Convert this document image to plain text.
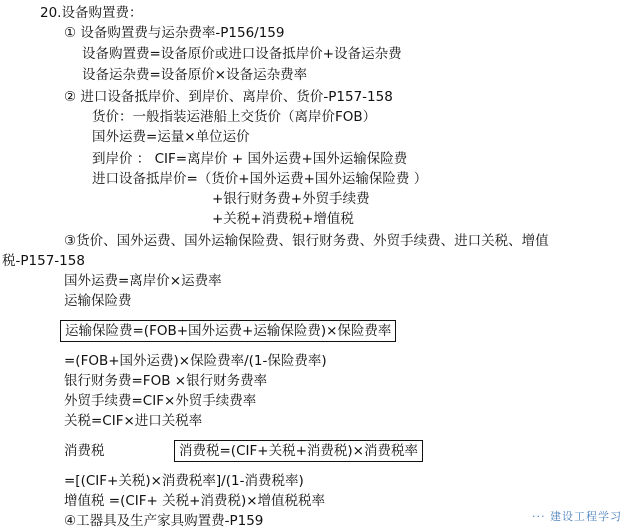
20.设备购置费：
① 设备购置费与运杂费率-P156/159
设备购置费=设备原价或进口设备抵岸价+设备运杂费
设备运杂费=设备原价×设备运杂费率
② 进口设备抵岸价、到岸价、离岸价、货价-P157-158
货价：一般指装运港船上交货价（离岸价FOB）
国外运费=运量×单位运价
到岸价 ： CIF=离岸价 + 国外运费+国外运输保险费
进口设备抵岸价=（货价+国外运费+国外运输保险费 ）
+银行财务费+外贸手续费
+关税+消费税+增值税
③货价、国外运费、国外运输保险费、银行财务费、外贸手续费、进口关税、增值
税-P157-158
国外运费=离岸价×运费率
运输保险费
运输保险费=(FOB+国外运费+运输保险费)×保险费率
=(FOB+国外运费)×保险费率/(1-保险费率)
银行财务费=FOB ×银行财务费率
外贸手续费=CIF×外贸手续费率
关税=CIF×进口关税率
消费税	消费税=(CIF+关税+消费税)×消费税率
=[(CIF+关税)×消费税率]/(1-消费税率)
增值税 =(CIF+ 关税+消费税)×增值税税率
④工器具及生产家具购置费-P159	··· 建设工程学习
